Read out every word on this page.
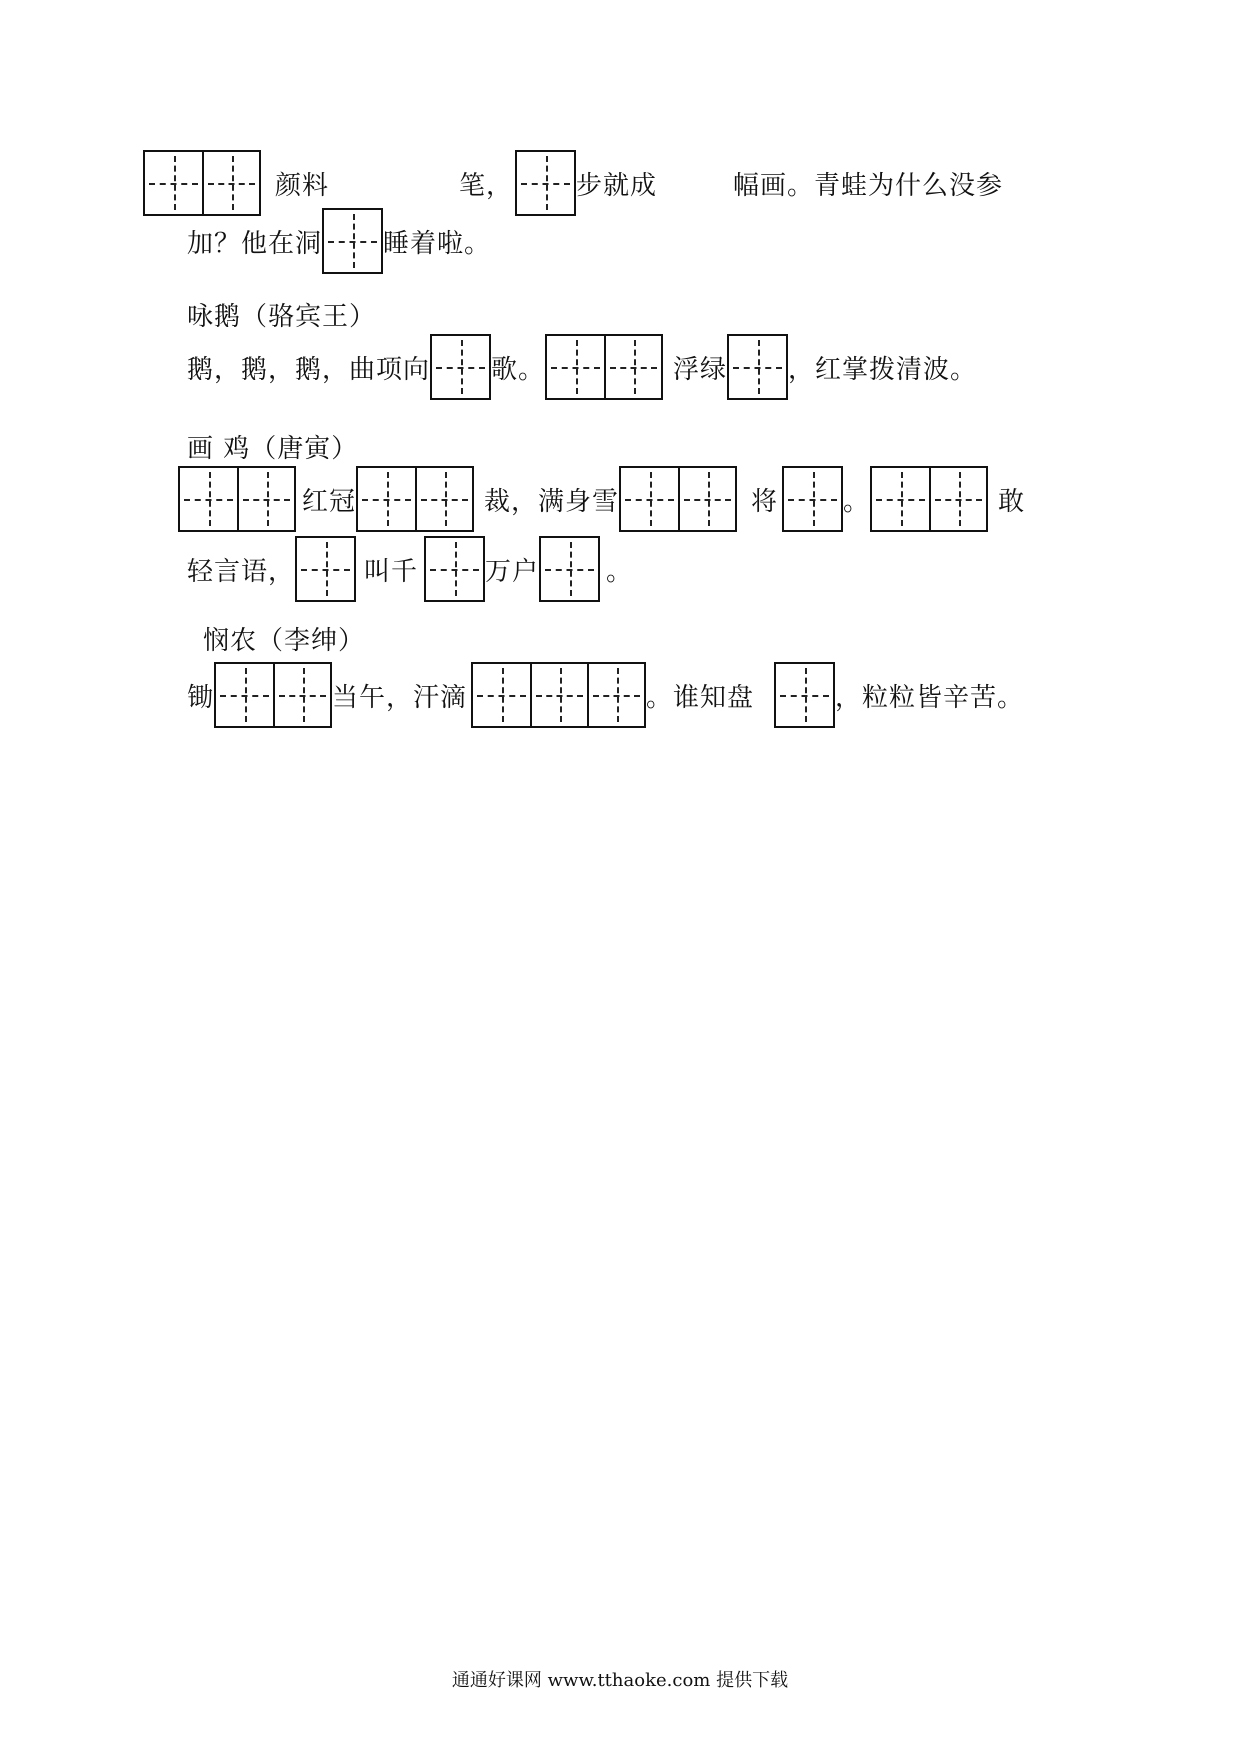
颜料	笔， 步就成	幅画。青蛙为什么没参
加？他在洞 睡着啦。
咏鹅（骆宾王）
鹅，鹅，鹅，曲项向 歌。	浮绿 ，红掌拨清波。
画 鸡（唐寅）
红冠	裁，满身雪	将	。	敢
轻言语，	叫千	万户	。
悯农（李绅）
锄	当午，汗滴	。谁知盘	，粒粒皆辛苦。
通通好课网 www.tthaoke.com 提供下载
